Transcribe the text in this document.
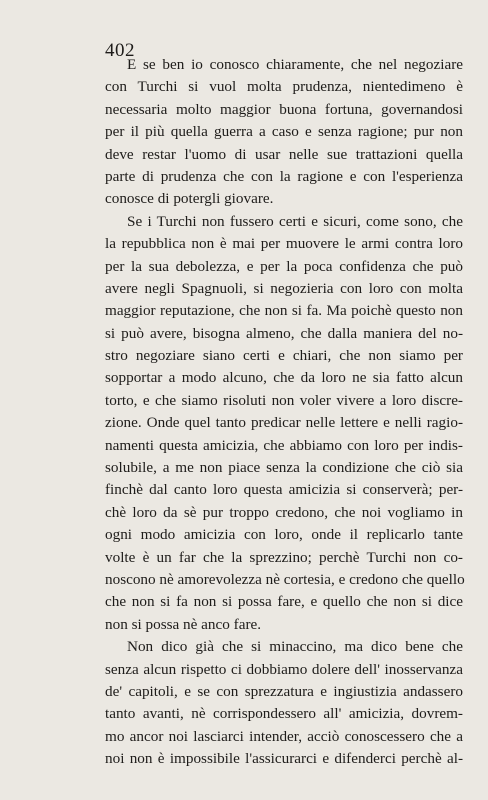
402
E se ben io conosco chiaramente, che nel negoziare
con Turchi si vuol molta prudenza, nientedimeno è
necessaria molto maggior buona fortuna, governandosi
per il più quella guerra a caso e senza ragione; pur non
deve restar l'uomo di usar nelle sue trattazioni quella
parte di prudenza che con la ragione e con l'esperienza
conosce di potergli giovare.
Se i Turchi non fussero certi e sicuri, come sono, che
la repubblica non è mai per muovere le armi contra loro
per la sua debolezza, e per la poca confidenza che può
avere negli Spagnuoli, si negozieria con loro con molta
maggior reputazione, che non si fa. Ma poichè questo non
si può avere, bisogna almeno, che dalla maniera del no-
stro negoziare siano certi e chiari, che non siamo per
sopportar a modo alcuno, che da loro ne sia fatto alcun
torto, e che siamo risoluti non voler vivere a loro discre-
zione. Onde quel tanto predicar nelle lettere e nelli ragio-
namenti questa amicizia, che abbiamo con loro per indis-
solubile, a me non piace senza la condizione che ciò sia
finchè dal canto loro questa amicizia si conserverà; per-
chè loro da sè pur troppo credono, che noi vogliamo in
ogni modo amicizia con loro, onde il replicarlo tante
volte è un far che la sprezzino; perchè Turchi non co-
noscono nè amorevolezza nè cortesia, e credono che quello
che non si fa non si possa fare, e quello che non si dice
non si possa nè anco fare.
Non dico già che si minaccino, ma dico bene che
senza alcun rispetto ci dobbiamo dolere dell' inosservanza
de' capitoli, e se con sprezzatura e ingiustizia andassero
tanto avanti, nè corrispondessero all' amicizia, dovrem-
mo ancor noi lasciarci intender, acciò conoscessero che a
noi non è impossibile l'assicurarci e difenderci perchè al-
